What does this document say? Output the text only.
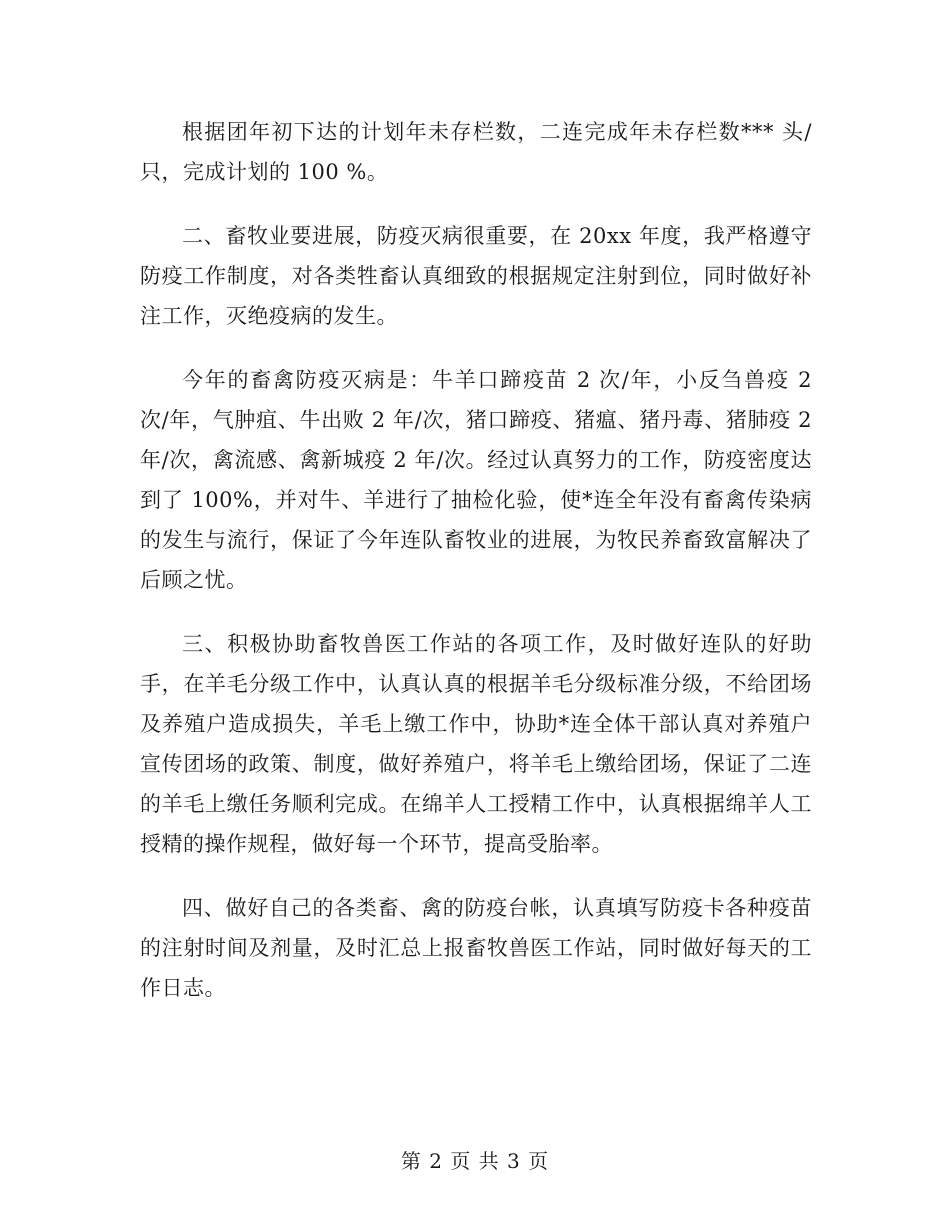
根据团年初下达的计划年未存栏数，二连完成年未存栏数*** 头/只，完成计划的 100 %。

二、畜牧业要进展，防疫灭病很重要，在 20xx 年度，我严格遵守防疫工作制度，对各类牲畜认真细致的根据规定注射到位，同时做好补注工作，灭绝疫病的发生。

今年的畜禽防疫灭病是：牛羊口蹄疫苗 2 次/年，小反刍兽疫 2 次/年，气肿疽、牛出败 2 年/次，猪口蹄疫、猪瘟、猪丹毒、猪肺疫 2 年/次，禽流感、禽新城疫 2 年/次。经过认真努力的工作，防疫密度达到了 100%，并对牛、羊进行了抽检化验，使*连全年没有畜禽传染病的发生与流行，保证了今年连队畜牧业的进展，为牧民养畜致富解决了后顾之忧。

三、积极协助畜牧兽医工作站的各项工作，及时做好连队的好助手，在羊毛分级工作中，认真认真的根据羊毛分级标准分级，不给团场及养殖户造成损失，羊毛上缴工作中，协助*连全体干部认真对养殖户宣传团场的政策、制度，做好养殖户，将羊毛上缴给团场，保证了二连的羊毛上缴任务顺利完成。在绵羊人工授精工作中，认真根据绵羊人工授精的操作规程，做好每一个环节，提高受胎率。

四、做好自己的各类畜、禽的防疫台帐，认真填写防疫卡各种疫苗的注射时间及剂量，及时汇总上报畜牧兽医工作站，同时做好每天的工作日志。

第 2 页 共 3 页
